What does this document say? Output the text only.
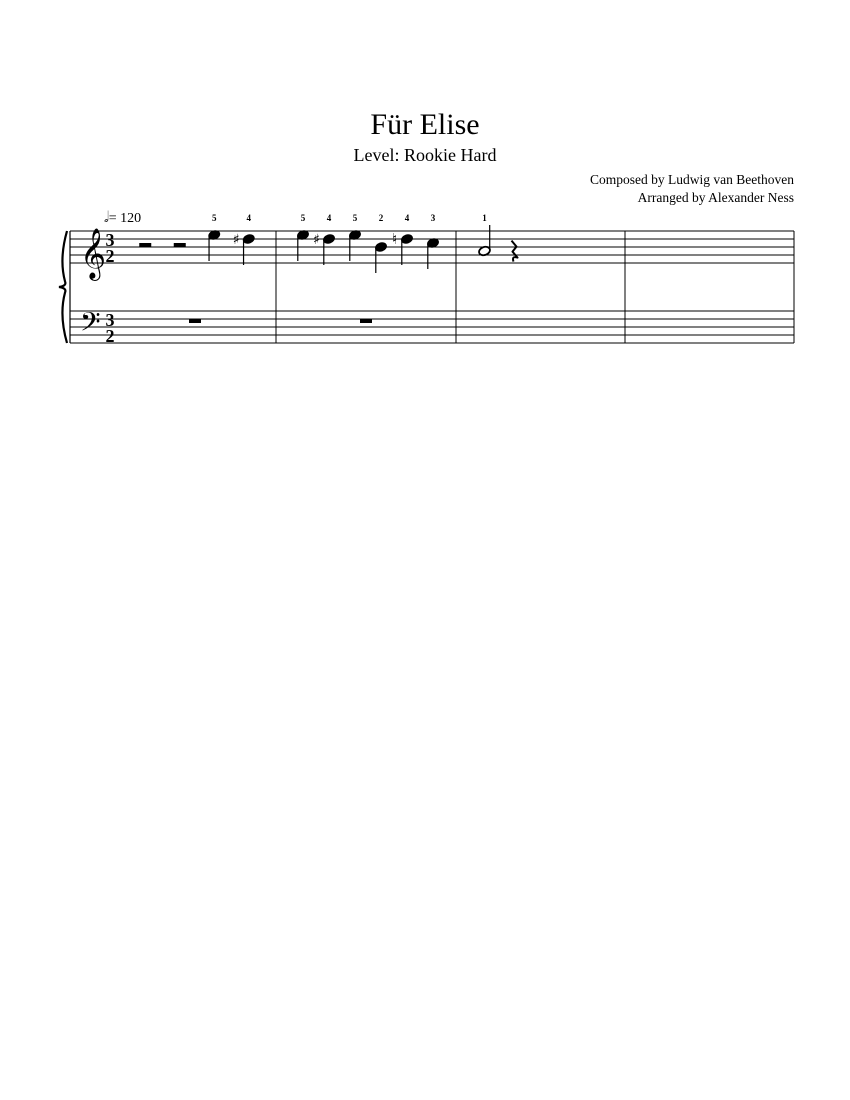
Für Elise
Level: Rookie Hard
Composed by Ludwig van Beethoven
Arranged by Alexander Ness
𝅗𝅥= 120
𝄞
𝄢
3
2
3
2
5
♯
4	5
♯
4 5 2
♮
4 3	1
